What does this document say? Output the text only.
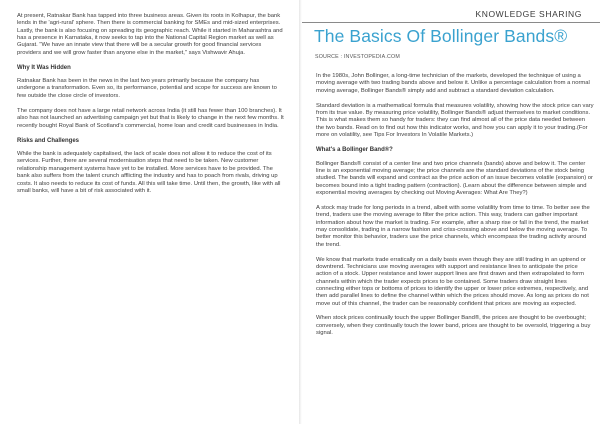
At present, Ratnakar Bank has tapped into three business areas. Given its roots in Kolhapur, the bank lends in the 'agri-rural' sphere. Then there is commercial banking for SMEs and mid-sized enterprises. Lastly, the bank is also focusing on spreading its geographic reach. While it started in Maharashtra and has a presence in Karnataka, it now seeks to tap into the National Capital Region market as well as Gujarat. "We have an innate view that there will be a secular growth for good financial services providers and we will grow faster than anyone else in the market," says Vishwavir Ahuja.

Why It Was Hidden

Ratnakar Bank has been in the news in the last two years primarily because the company has undergone a transformation. Even so, its performance, potential and scope for success are known to few outside the close circle of investors.

The company does not have a large retail network across India (it still has fewer than 100 branches). It also has not launched an advertising campaign yet but that is likely to change in the next few months. It recently bought Royal Bank of Scotland's commercial, home loan and credit card businesses in India.

Risks and Challenges

While the bank is adequately capitalised, the lack of scale does not allow it to reduce the cost of its services. Further, there are several modernisation steps that need to be taken. New customer relationship management systems have yet to be installed. More services have to be provided. The bank also suffers from the talent crunch afflicting the industry and has to poach from rivals, driving up costs. It also needs to reduce its cost of funds. All this will take time. Until then, the growth, like with all small banks, will have a bit of risk associated with it.

KNOWLEDGE SHARING
The Basics Of Bollinger Bands®
SOURCE : INVESTOPEDIA.COM

In the 1980s, John Bollinger, a long-time technician of the markets, developed the technique of using a moving average with two trading bands above and below it. Unlike a percentage calculation from a normal moving average, Bollinger Bands® simply add and subtract a standard deviation calculation.

Standard deviation is a mathematical formula that measures volatility, showing how the stock price can vary from its true value. By measuring price volatility, Bollinger Bands® adjust themselves to market conditions. This is what makes them so handy for traders: they can find almost all of the price data needed between the two bands. Read on to find out how this indicator works, and how you can apply it to your trading.(For more on volatility, see Tips For Investors In Volatile Markets.)

What's a Bollinger Band®?

Bollinger Bands® consist of a center line and two price channels (bands) above and below it. The center line is an exponential moving average; the price channels are the standard deviations of the stock being studied. The bands will expand and contract as the price action of an issue becomes volatile (expansion) or becomes bound into a tight trading pattern (contraction). (Learn about the difference between simple and exponential moving averages by checking out Moving Averages: What Are They?)

A stock may trade for long periods in a trend, albeit with some volatility from time to time. To better see the trend, traders use the moving average to filter the price action. This way, traders can gather important information about how the market is trading. For example, after a sharp rise or fall in the trend, the market may consolidate, trading in a narrow fashion and criss-crossing above and below the moving average. To better monitor this behavior, traders use the price channels, which encompass the trading activity around the trend.

We know that markets trade erratically on a daily basis even though they are still trading in an uptrend or downtrend. Technicians use moving averages with support and resistance lines to anticipate the price action of a stock. Upper resistance and lower support lines are first drawn and then extrapolated to form channels within which the trader expects prices to be contained. Some traders draw straight lines connecting either tops or bottoms of prices to identify the upper or lower price extremes, respectively, and then add parallel lines to define the channel within which the prices should move. As long as prices do not move out of this channel, the trader can be reasonably confident that prices are moving as expected.

When stock prices continually touch the upper Bollinger Band®, the prices are thought to be overbought; conversely, when they continually touch the lower band, prices are thought to be oversold, triggering a buy signal.
